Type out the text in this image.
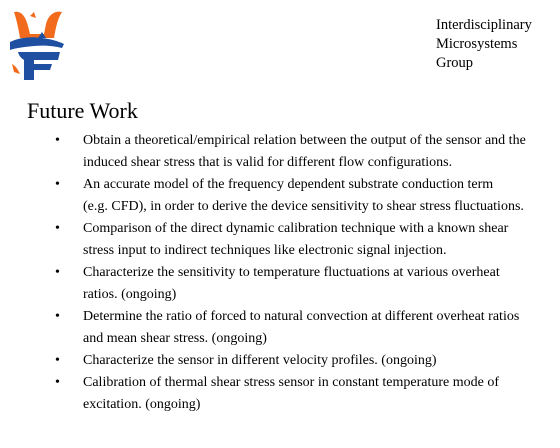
Interdisciplinary
Microsystems
Group
Future Work
• Obtain a theoretical/empirical relation between the output of the sensor and the
induced shear stress that is valid for different flow configurations.
• An accurate model of the frequency dependent substrate conduction term
(e.g. CFD), in order to derive the device sensitivity to shear stress fluctuations.
• Comparison of the direct dynamic calibration technique with a known shear
stress input to indirect techniques like electronic signal injection.
• Characterize the sensitivity to temperature fluctuations at various overheat
ratios. (ongoing)
• Determine the ratio of forced to natural convection at different overheat ratios
and mean shear stress. (ongoing)
• Characterize the sensor in different velocity profiles. (ongoing)
• Calibration of thermal shear stress sensor in constant temperature mode of
excitation. (ongoing)
